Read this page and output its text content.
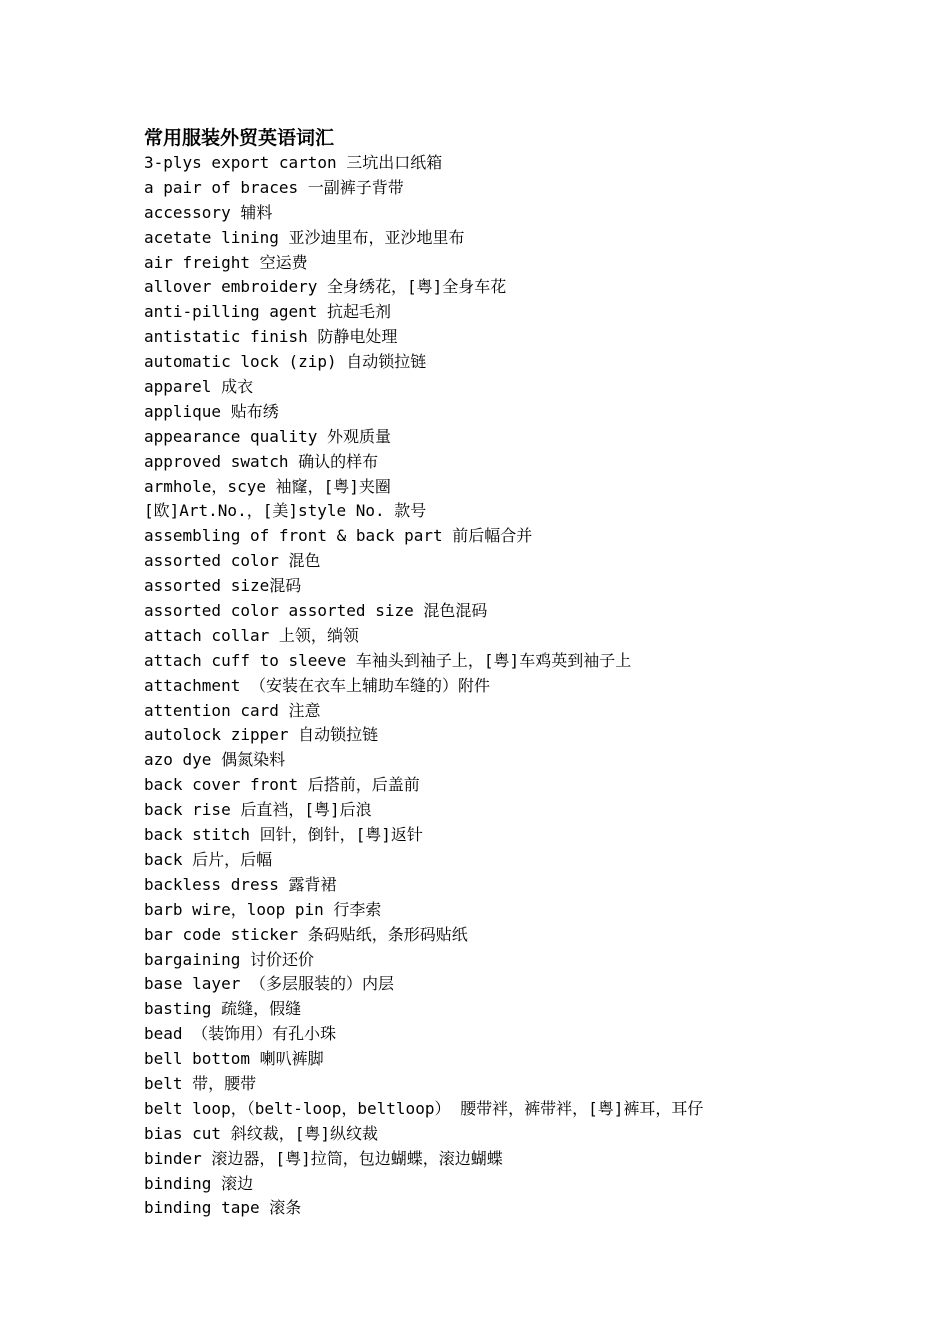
常用服装外贸英语词汇
3-plys export carton 三坑出口纸箱
a pair of braces 一副裤子背带
accessory 辅料
acetate lining 亚沙迪里布，亚沙地里布
air freight 空运费
allover embroidery 全身绣花，[粤]全身车花
anti-pilling agent 抗起毛剂
antistatic finish 防静电处理
automatic lock (zip) 自动锁拉链
apparel 成衣
applique 贴布绣
appearance quality 外观质量
approved swatch 确认的样布
armhole，scye 袖窿，[粤]夹圈
[欧]Art.No.，[美]style No. 款号
assembling of front & back part 前后幅合并
assorted color 混色
assorted size混码
assorted color assorted size 混色混码
attach collar 上领，绱领
attach cuff to sleeve 车袖头到袖子上，[粤]车鸡英到袖子上
attachment （安装在衣车上辅助车缝的）附件
attention card 注意
autolock zipper 自动锁拉链
azo dye 偶氮染料
back cover front 后搭前，后盖前
back rise 后直裆，[粤]后浪
back stitch 回针，倒针，[粤]返针
back 后片，后幅
backless dress 露背裙
barb wire，loop pin 行李索
bar code sticker 条码贴纸，条形码贴纸
bargaining 讨价还价
base layer （多层服装的）内层
basting 疏缝，假缝
bead （装饰用）有孔小珠
bell bottom 喇叭裤脚
belt 带，腰带
belt loop，（belt-loop，beltloop） 腰带袢，裤带袢，[粤]裤耳，耳仔
bias cut 斜纹裁，[粤]纵纹裁
binder 滚边器，[粤]拉筒，包边蝴蝶，滚边蝴蝶
binding 滚边
binding tape 滚条
